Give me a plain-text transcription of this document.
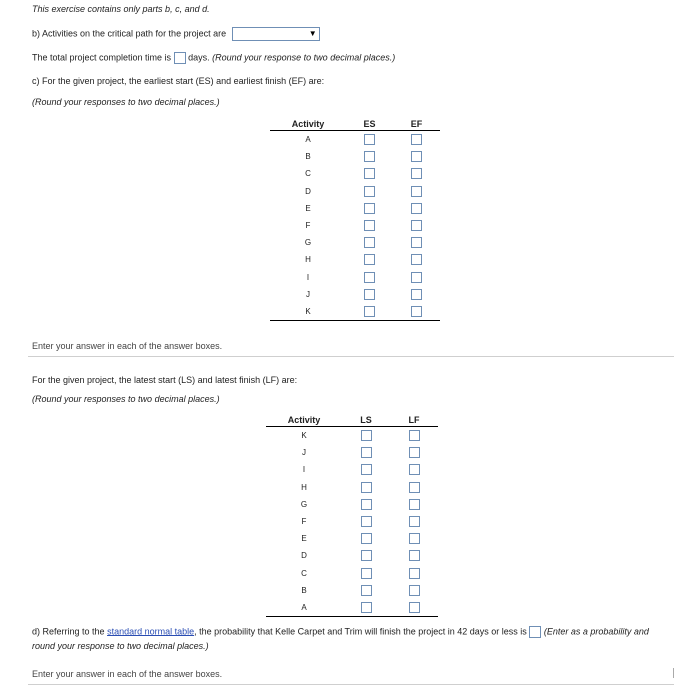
This exercise contains only parts b, c, and d.
b) Activities on the critical path for the project are	▼
The total project completion time is days. (Round your response to two decimal places.)
c) For the given project, the earliest start (ES) and earliest finish (EF) are:
(Round your responses to two decimal places.)
Activity	ES	EF
A		
B		
C		
D		
E		
F		
G		
H		
I		
J		
K		
Enter your answer in each of the answer boxes.
For the given project, the latest start (LS) and latest finish (LF) are:
(Round your responses to two decimal places.)
Activity	LS	LF
K		
J		
I		
H		
G		
F		
E		
D		
C		
B		
A		
d) Referring to the standard normal table, the probability that Kelle Carpet and Trim will finish the project in 42 days or less is (Enter as a probability and
round your response to two decimal places.)
Enter your answer in each of the answer boxes.
